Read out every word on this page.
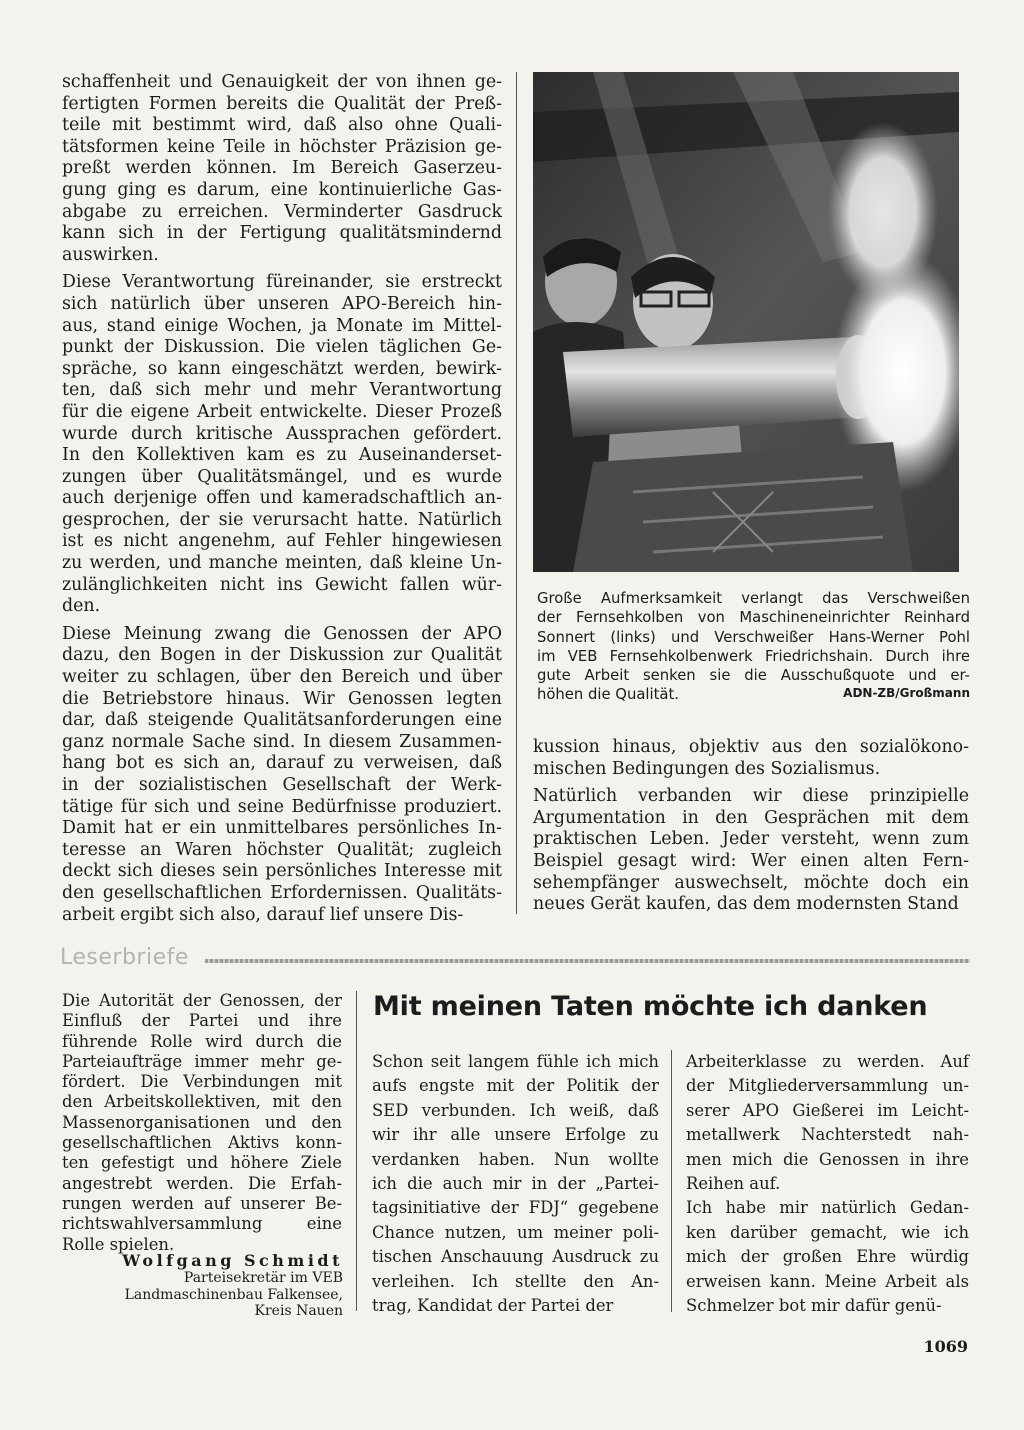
schaffenheit und Genauigkeit der von ihnen ge-
fertigten Formen bereits die Qualität der Preß-
teile mit bestimmt wird, daß also ohne Quali-
tätsformen keine Teile in höchster Präzision ge-
preßt werden können. Im Bereich Gaserzeu-
gung ging es darum, eine kontinuierliche Gas-
abgabe zu erreichen. Verminderter Gasdruck
kann sich in der Fertigung qualitätsmindernd
auswirken.

Diese Verantwortung füreinander, sie erstreckt
sich natürlich über unseren APO-Bereich hin-
aus, stand einige Wochen, ja Monate im Mittel-
punkt der Diskussion. Die vielen täglichen Ge-
spräche, so kann eingeschätzt werden, bewirk-
ten, daß sich mehr und mehr Verantwortung
für die eigene Arbeit entwickelte. Dieser Prozeß
wurde durch kritische Aussprachen gefördert.
In den Kollektiven kam es zu Auseinanderset-
zungen über Qualitätsmängel, und es wurde
auch derjenige offen und kameradschaftlich an-
gesprochen, der sie verursacht hatte. Natürlich
ist es nicht angenehm, auf Fehler hingewiesen
zu werden, und manche meinten, daß kleine Un-
zulänglichkeiten nicht ins Gewicht fallen wür-
den.

Diese Meinung zwang die Genossen der APO
dazu, den Bogen in der Diskussion zur Qualität
weiter zu schlagen, über den Bereich und über
die Betriebstore hinaus. Wir Genossen legten
dar, daß steigende Qualitätsanforderungen eine
ganz normale Sache sind. In diesem Zusammen-
hang bot es sich an, darauf zu verweisen, daß
in der sozialistischen Gesellschaft der Werk-
tätige für sich und seine Bedürfnisse produziert.
Damit hat er ein unmittelbares persönliches In-
teresse an Waren höchster Qualität; zugleich
deckt sich dieses sein persönliches Interesse mit
den gesellschaftlichen Erfordernissen. Qualitäts-
arbeit ergibt sich also, darauf lief unsere Dis-

Große Aufmerksamkeit verlangt das Verschweißen
der Fernsehkolben von Maschineneinrichter Reinhard
Sonnert (links) und Verschweißer Hans-Werner Pohl
im VEB Fernsehkolbenwerk Friedrichshain. Durch ihre
gute Arbeit senken sie die Ausschußquote und er-
höhen die Qualität.	ADN-ZB/Großmann

kussion hinaus, objektiv aus den sozialökono-
mischen Bedingungen des Sozialismus.

Natürlich verbanden wir diese prinzipielle
Argumentation in den Gesprächen mit dem
praktischen Leben. Jeder versteht, wenn zum
Beispiel gesagt wird: Wer einen alten Fern-
sehempfänger auswechselt, möchte doch ein
neues Gerät kaufen, das dem modernsten Stand

Leserbriefe

Die Autorität der Genossen, der
Einfluß der Partei und ihre
führende Rolle wird durch die
Parteiaufträge immer mehr ge-
fördert. Die Verbindungen mit
den Arbeitskollektiven, mit den
Massenorganisationen und den
gesellschaftlichen Aktivs konn-
ten gefestigt und höhere Ziele
angestrebt werden. Die Erfah-
rungen werden auf unserer Be-
richtswahlversammlung eine
Rolle spielen.

Wolfgang Schmidt
Parteisekretär im VEB
Landmaschinenbau Falkensee,
Kreis Nauen
Mit meinen Taten möchte ich danken

Schon seit langem fühle ich mich
aufs engste mit der Politik der
SED verbunden. Ich weiß, daß
wir ihr alle unsere Erfolge zu
verdanken haben. Nun wollte
ich die auch mir in der „Partei-
tagsinitiative der FDJ“ gegebene
Chance nutzen, um meiner poli-
tischen Anschauung Ausdruck zu
verleihen. Ich stellte den An-
trag, Kandidat der Partei der

Arbeiterklasse zu werden. Auf
der Mitgliederversammlung un-
serer APO Gießerei im Leicht-
metallwerk Nachterstedt nah-
men mich die Genossen in ihre
Reihen auf.

Ich habe mir natürlich Gedan-
ken darüber gemacht, wie ich
mich der großen Ehre würdig
erweisen kann. Meine Arbeit als
Schmelzer bot mir dafür genü-

1069
